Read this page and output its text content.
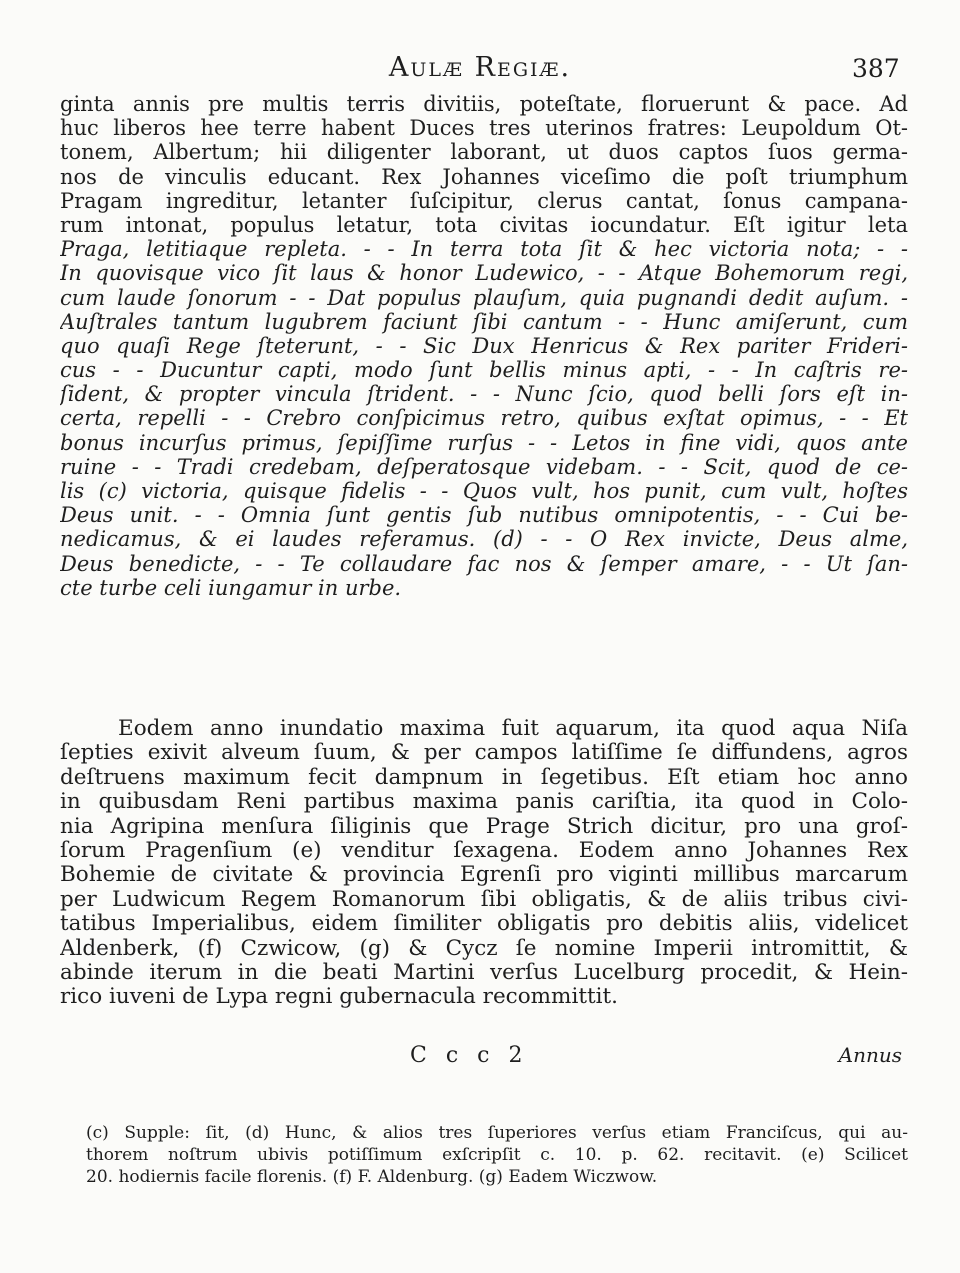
Aulæ Regiæ.	387
ginta annis pre multis terris divitiis, poteſtate, floruerunt & pace. Ad
huc liberos hee terre habent Duces tres uterinos fratres: Leupoldum Ot-
tonem, Albertum; hii diligenter laborant, ut duos captos ſuos germa-
nos de vinculis educant. Rex Johannes viceſimo die poſt triumphum
Pragam ingreditur, letanter ſuſcipitur, clerus cantat, ſonus campana-
rum intonat, populus letatur, tota civitas iocundatur. Eſt igitur leta
Praga, letitiaque repleta. - - In terra tota ſit & hec victoria nota; - -
In quovisque vico ſit laus & honor Ludewico, - - Atque Bohemorum regi,
cum laude ſonorum - - Dat populus plauſum, quia pugnandi dedit auſum. -
Auſtrales tantum lugubrem faciunt ſibi cantum - - Hunc amiſerunt, cum
quo quaſi Rege ſteterunt, - - Sic Dux Henricus & Rex pariter Frideri-
cus - - Ducuntur capti, modo ſunt bellis minus apti, - - In caſtris re-
ſident, & propter vincula ſtrident. - - Nunc ſcio, quod belli ſors eſt in-
certa, repelli - - Crebro conſpicimus retro, quibus exſtat opimus, - - Et
bonus incurſus primus, ſepiſſime rurſus - - Letos in fine vidi, quos ante
ruine - - Tradi credebam, deſperatosque videbam. - - Scit, quod de ce-
lis (c) victoria, quisque fidelis - - Quos vult, hos punit, cum vult, hoſtes
Deus unit. - - Omnia ſunt gentis ſub nutibus omnipotentis, - - Cui be-
nedicamus, & ei laudes referamus. (d) - - O Rex invicte, Deus alme,
Deus benedicte, - - Te collaudare fac nos & ſemper amare, - - Ut ſan-
cte turbe celi iungamur in urbe.
Eodem anno inundatio maxima fuit aquarum, ita quod aqua Niſa
ſepties exivit alveum ſuum, & per campos latiſſime ſe diffundens, agros
deſtruens maximum fecit dampnum in ſegetibus. Eſt etiam hoc anno
in quibusdam Reni partibus maxima panis cariſtia, ita quod in Colo-
nia Agripina menſura ſiliginis que Prage Strich dicitur, pro una groſ-
ſorum Pragenſium (e) venditur ſexagena. Eodem anno Johannes Rex
Bohemie de civitate & provincia Egrenſi pro viginti millibus marcarum
per Ludwicum Regem Romanorum ſibi obligatis, & de aliis tribus civi-
tatibus Imperialibus, eidem ſimiliter obligatis pro debitis aliis, videlicet
Aldenberk, (f) Czwicow, (g) & Cycz ſe nomine Imperii intromittit, &
abinde iterum in die beati Martini verſus Lucelburg procedit, & Hein-
rico iuveni de Lypa regni gubernacula recommittit.
C c c 2	Annus
(c) Supple: ſit, (d) Hunc, & alios tres ſuperiores verſus etiam Franciſcus, qui au-
thorem noſtrum ubivis potiſſimum exſcripſit c. 10. p. 62. recitavit. (e) Scilicet
20. hodiernis facile florenis. (f) F. Aldenburg. (g) Eadem Wiczwow.
